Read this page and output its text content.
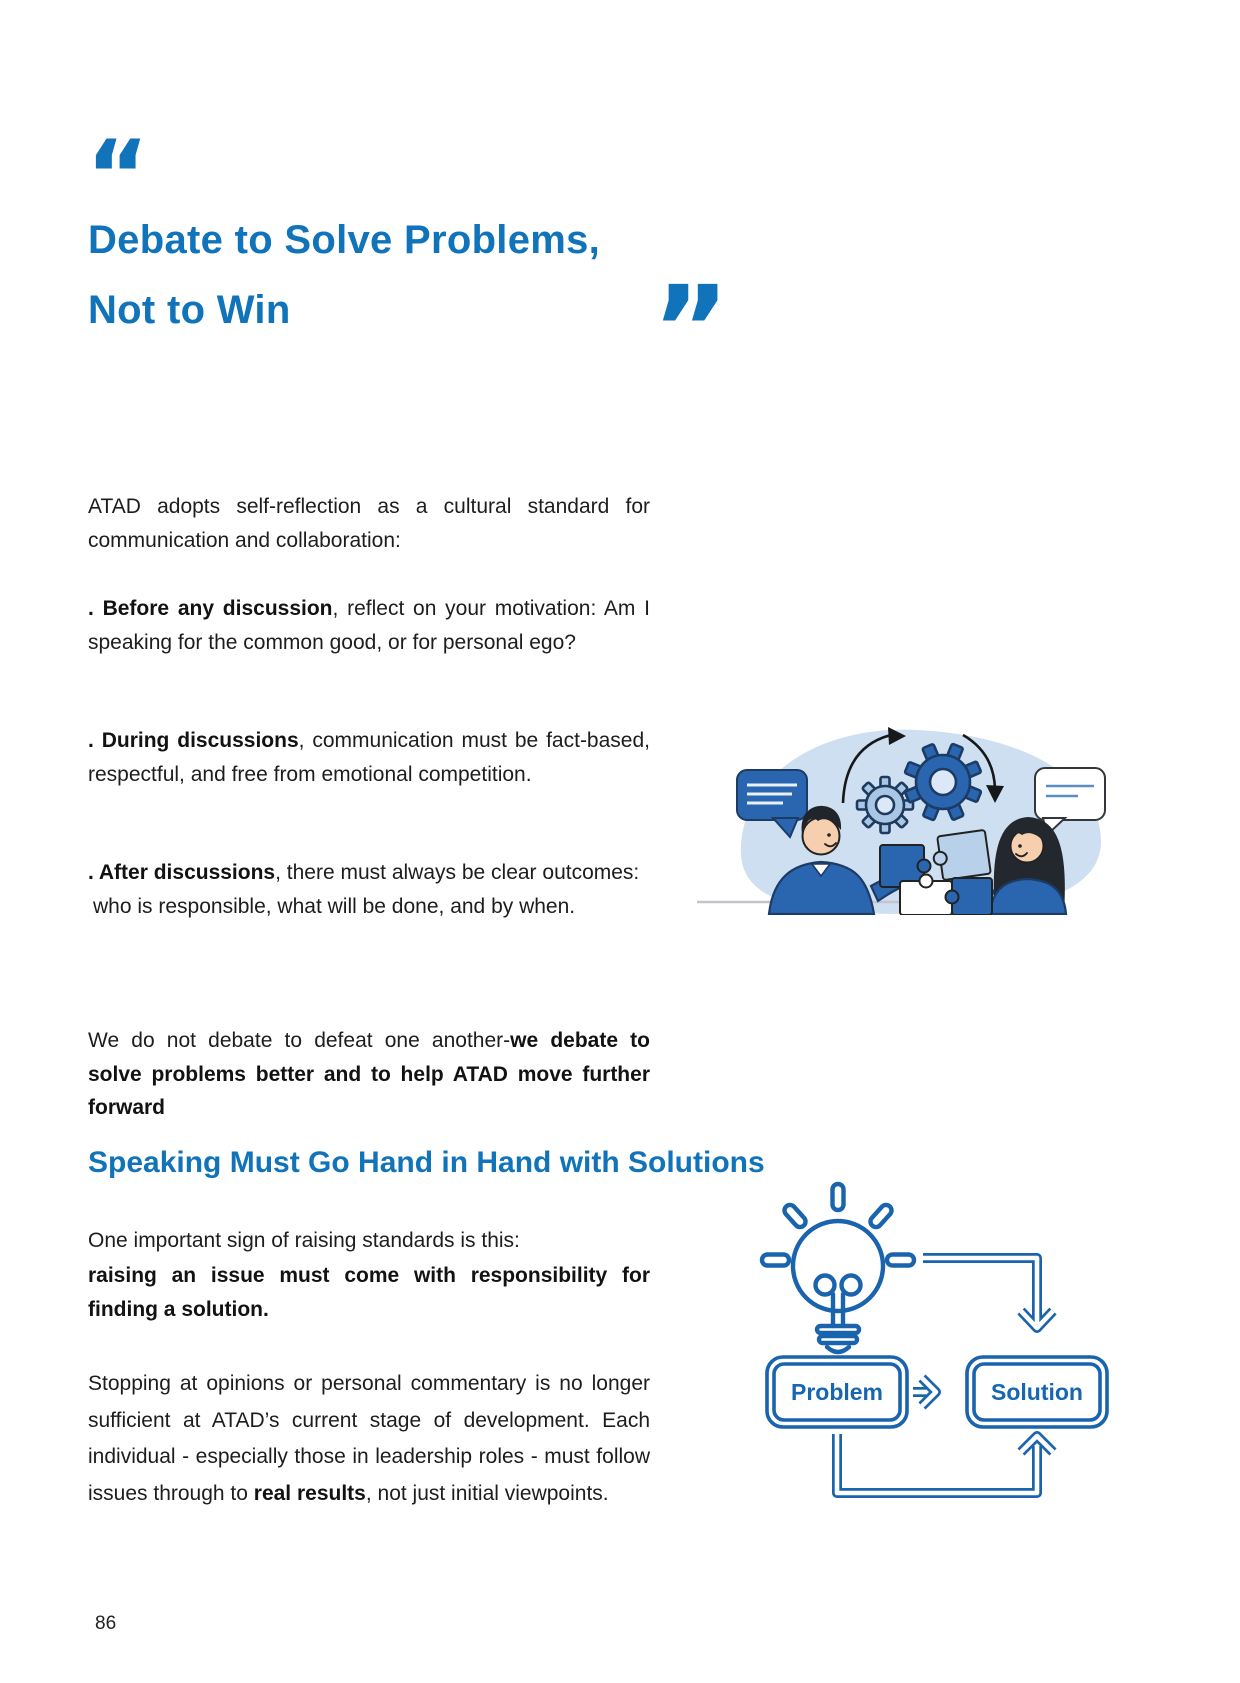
“
Debate to Solve Problems,
Not to Win	”

ATAD adopts self-reflection as a cultural standard for communication and collaboration:

. Before any discussion, reflect on your motivation: Am I speaking for the common good, or for personal ego?

. During discussions, communication must be fact-based, respectful, and free from emotional competition.

. After discussions, there must always be clear outcomes:
who is responsible, what will be done, and by when.

We do not debate to defeat one another-we debate to solve problems better and to help ATAD move further forward

Speaking Must Go Hand in Hand with Solutions

One important sign of raising standards is this:
raising an issue must come with responsibility for finding a solution.

Stopping at opinions or personal commentary is no longer sufficient at ATAD’s current stage of development. Each individual - especially those in leadership roles - must follow issues through to real results, not just initial viewpoints.

86
Problem	Solution
